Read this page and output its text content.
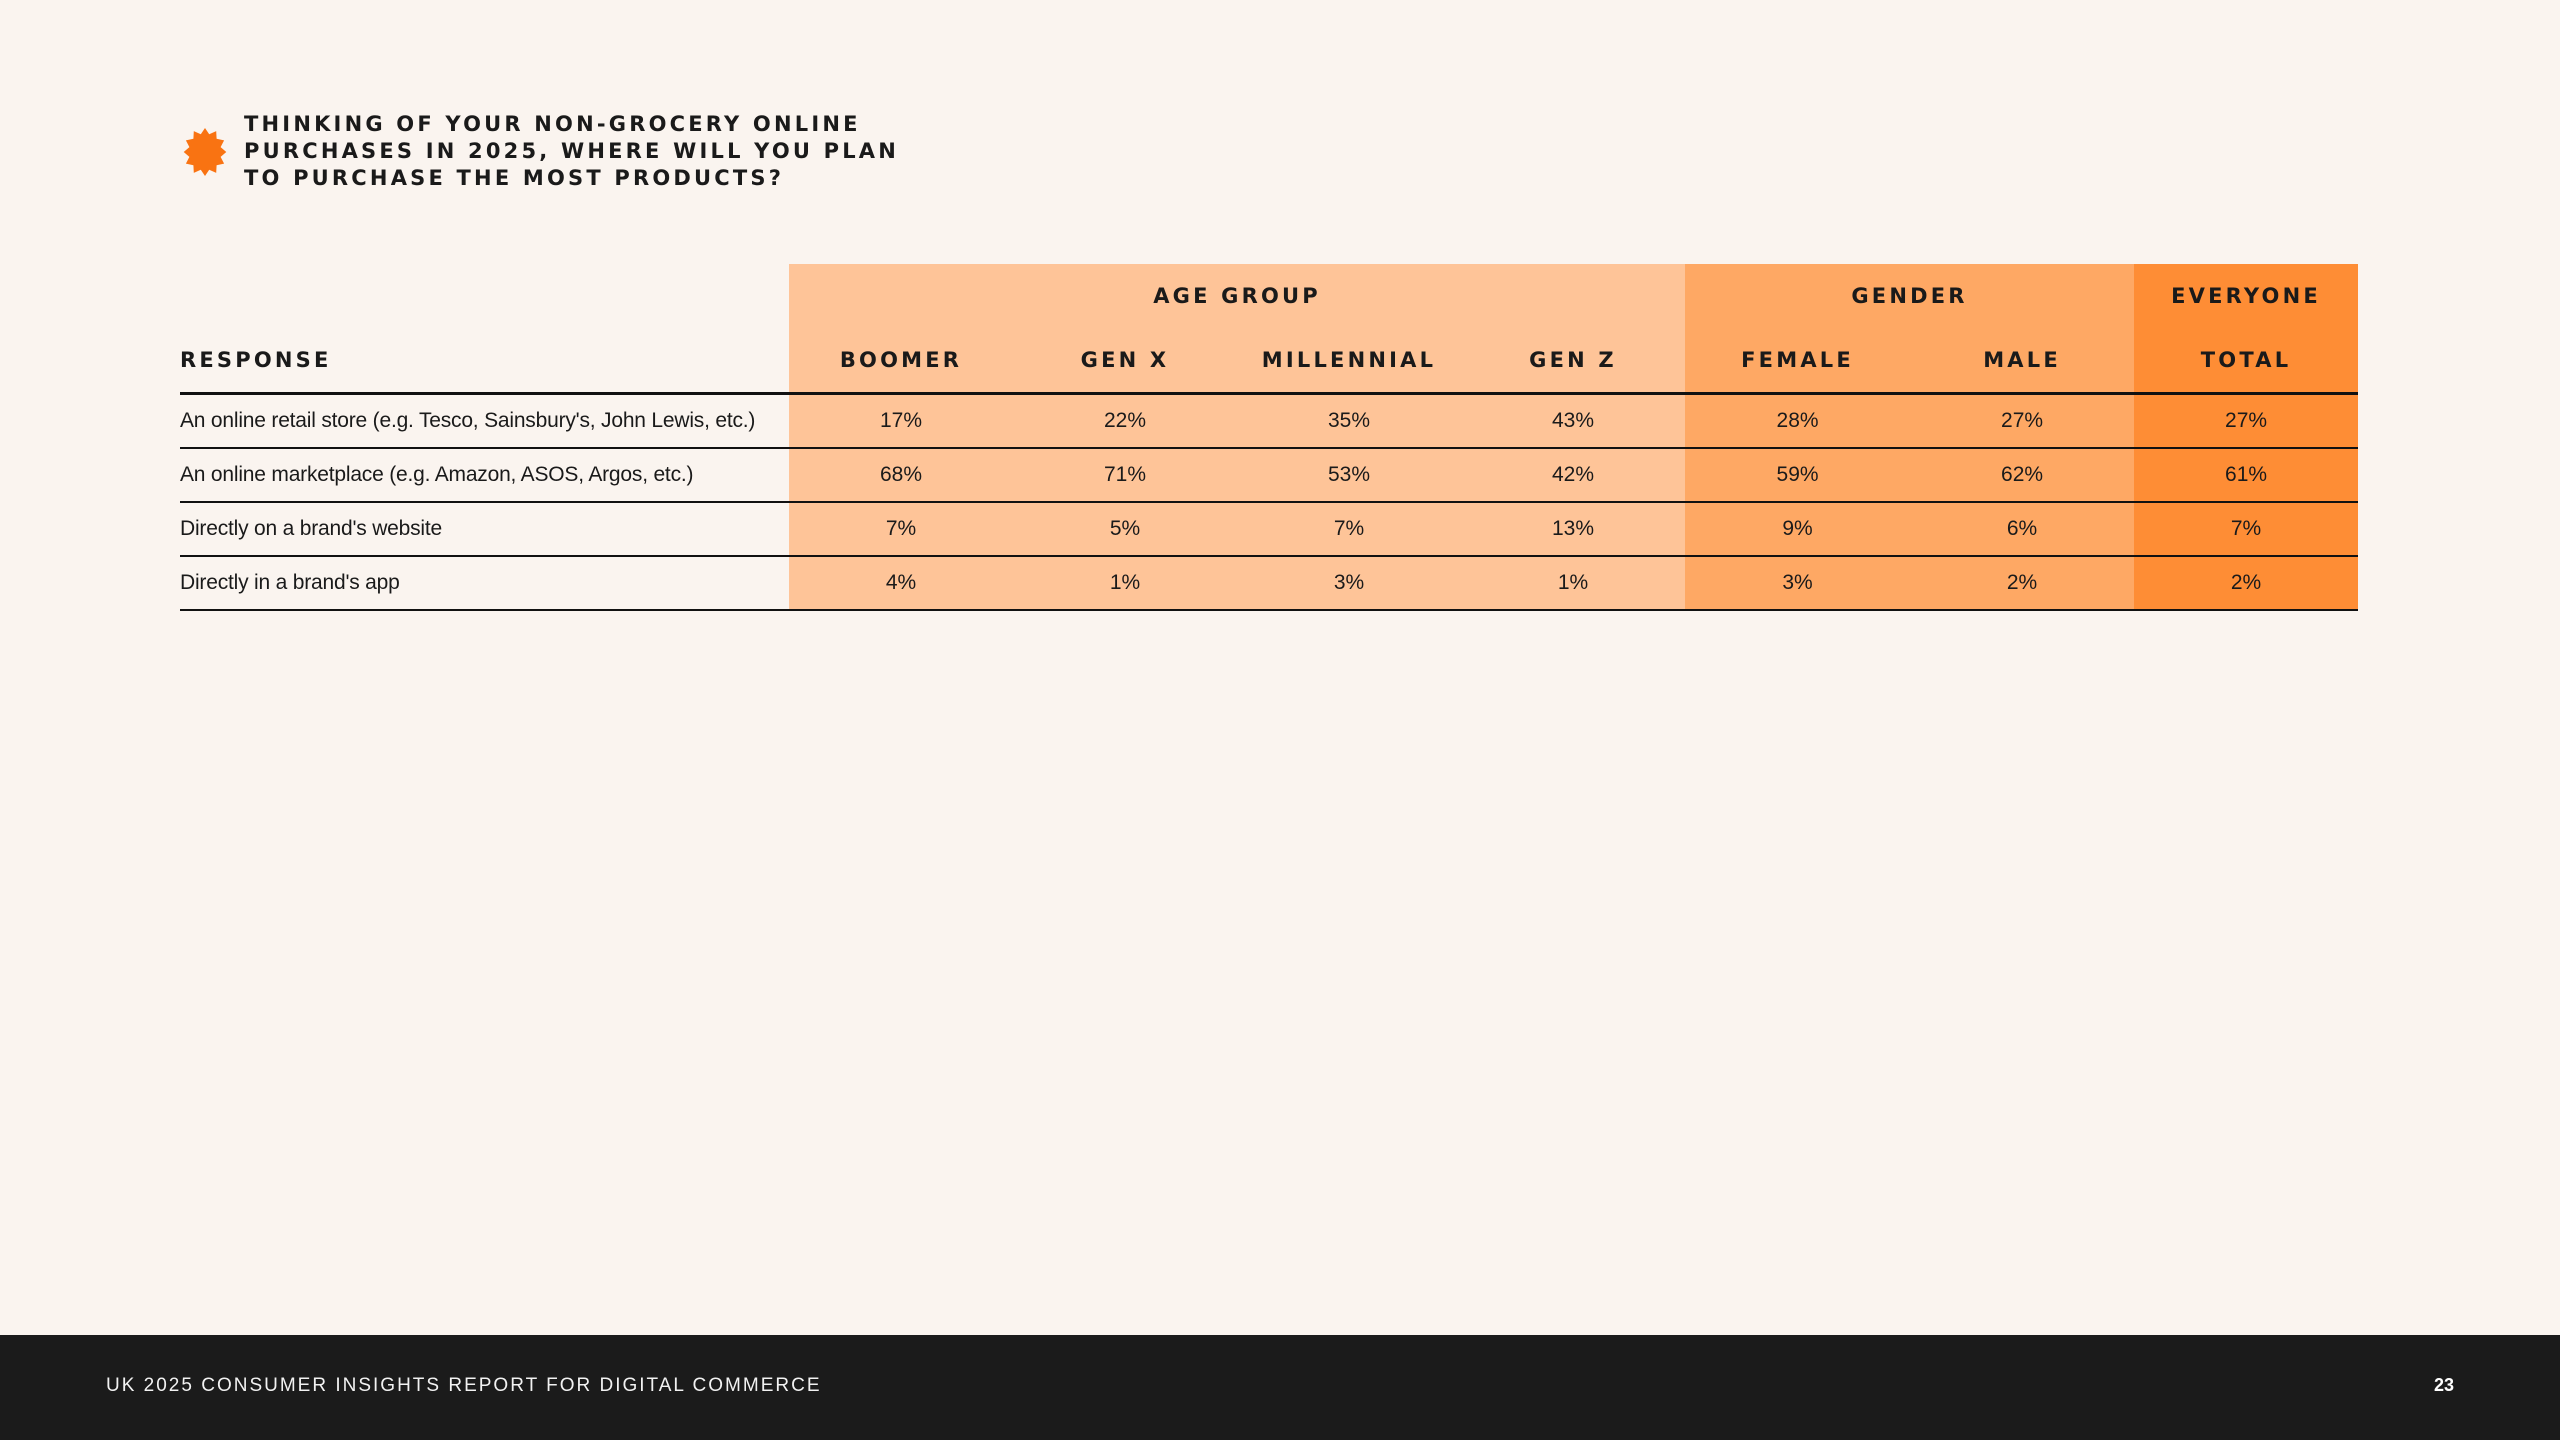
THINKING OF YOUR NON-GROCERY ONLINE
PURCHASES IN 2025, WHERE WILL YOU PLAN
TO PURCHASE THE MOST PRODUCTS?
	AGE GROUP				GENDER		EVERYONE
RESPONSE	BOOMER	GEN X	MILLENNIAL	GEN Z	FEMALE	MALE	TOTAL
An online retail store (e.g. Tesco, Sainsbury's, John Lewis, etc.)	17%	22%	35%	43%	28%	27%	27%
An online marketplace (e.g. Amazon, ASOS, Argos, etc.)	68%	71%	53%	42%	59%	62%	61%
Directly on a brand's website	7%	5%	7%	13%	9%	6%	7%
Directly in a brand's app	4%	1%	3%	1%	3%	2%	2%
UK 2025 CONSUMER INSIGHTS REPORT FOR DIGITAL COMMERCE	23
